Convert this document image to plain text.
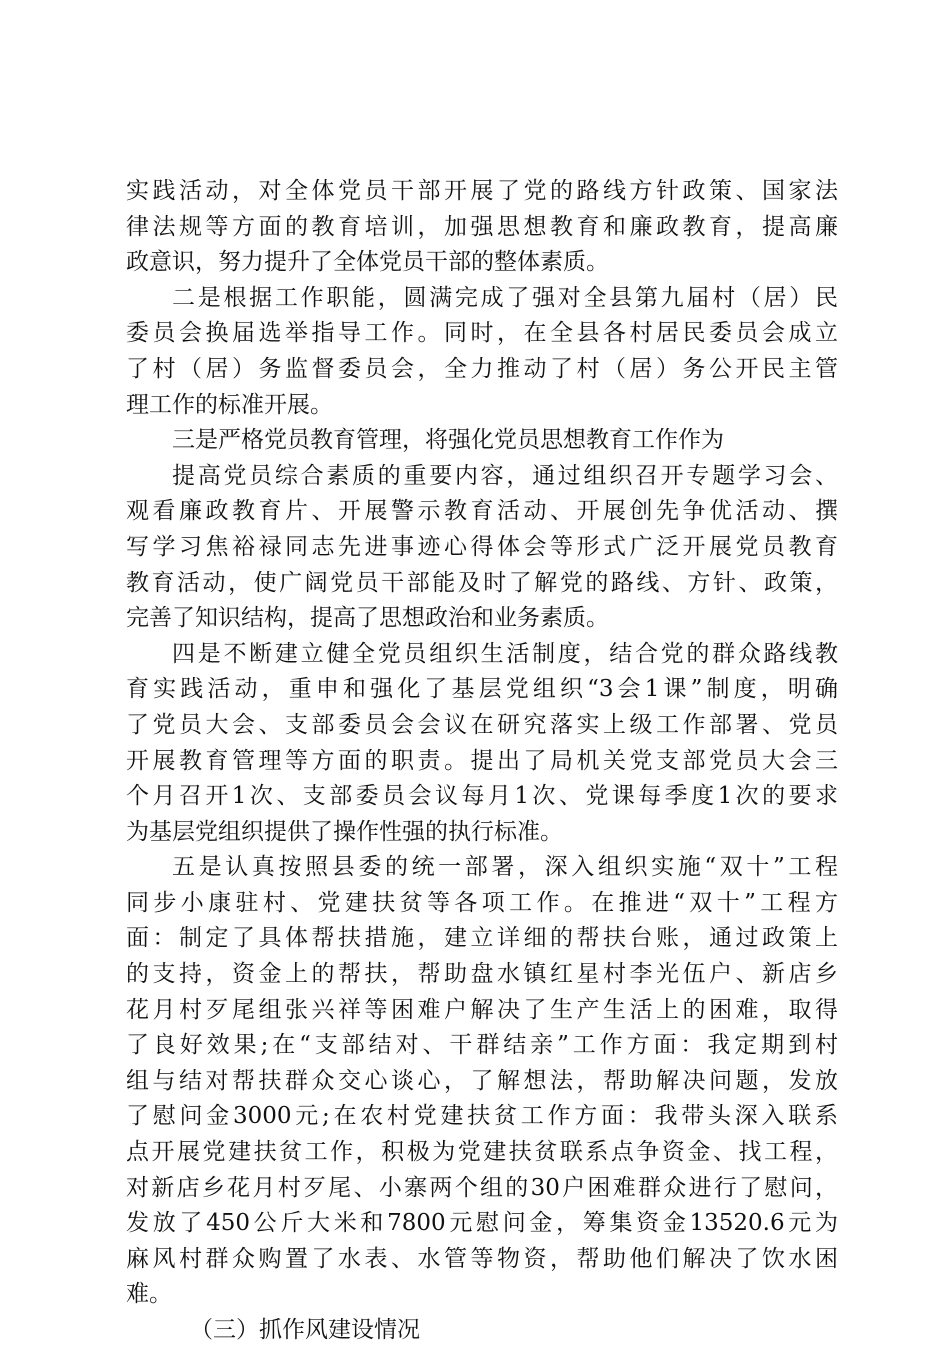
实践活动，对全体党员干部开展了党的路线方针政策、国家法
律法规等方面的教育培训，加强思想教育和廉政教育，提高廉
政意识，努力提升了全体党员干部的整体素质。
二是根据工作职能，圆满完成了强对全县第九届村（居）民
委员会换届选举指导工作。同时，在全县各村居民委员会成立
了村（居）务监督委员会，全力推动了村（居）务公开民主管
理工作的标准开展。
三是严格党员教育管理，将强化党员思想教育工作作为
提高党员综合素质的重要内容，通过组织召开专题学习会、
观看廉政教育片、开展警示教育活动、开展创先争优活动、撰
写学习焦裕禄同志先进事迹心得体会等形式广泛开展党员教育
教育活动，使广阔党员干部能及时了解党的路线、方针、政策，
完善了知识结构，提高了思想政治和业务素质。
四是不断建立健全党员组织生活制度，结合党的群众路线教
育实践活动，重申和强化了基层党组织“3会1课”制度，明确
了党员大会、支部委员会会议在研究落实上级工作部署、党员
开展教育管理等方面的职责。提出了局机关党支部党员大会三
个月召开1次、支部委员会议每月1次、党课每季度1次的要求
为基层党组织提供了操作性强的执行标准。
五是认真按照县委的统一部署，深入组织实施“双十”工程
同步小康驻村、党建扶贫等各项工作。在推进“双十”工程方
面：制定了具体帮扶措施，建立详细的帮扶台账，通过政策上
的支持，资金上的帮扶，帮助盘水镇红星村李光伍户、新店乡
花月村歹尾组张兴祥等困难户解决了生产生活上的困难，取得
了良好效果;在“支部结对、干群结亲”工作方面：我定期到村
组与结对帮扶群众交心谈心，了解想法，帮助解决问题，发放
了慰问金3000元;在农村党建扶贫工作方面：我带头深入联系
点开展党建扶贫工作，积极为党建扶贫联系点争资金、找工程，
对新店乡花月村歹尾、小寨两个组的30户困难群众进行了慰问，
发放了450公斤大米和7800元慰问金，筹集资金13520.6元为
麻风村群众购置了水表、水管等物资，帮助他们解决了饮水困
难。
（三）抓作风建设情况
